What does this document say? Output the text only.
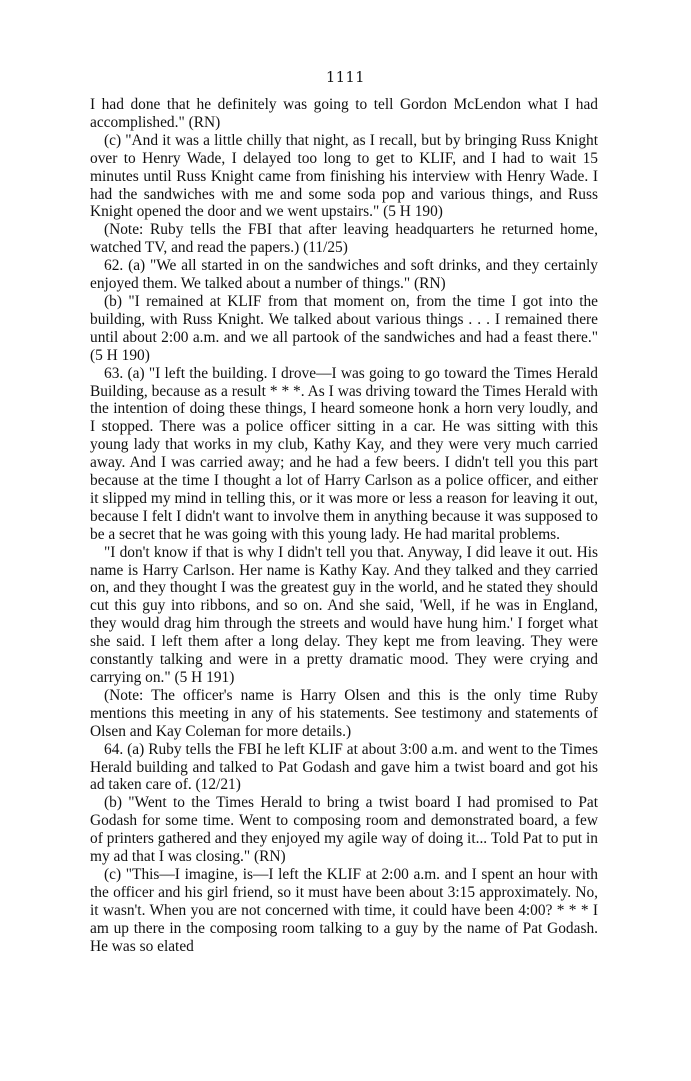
1111

I had done that he definitely was going to tell Gordon McLendon what I had accomplished." (RN)

(c) "And it was a little chilly that night, as I recall, but by bringing Russ Knight over to Henry Wade, I delayed too long to get to KLIF, and I had to wait 15 minutes until Russ Knight came from finishing his interview with Henry Wade. I had the sandwiches with me and some soda pop and various things, and Russ Knight opened the door and we went upstairs." (5 H 190)

(Note: Ruby tells the FBI that after leaving headquarters he returned home, watched TV, and read the papers.) (11/25)

62. (a) "We all started in on the sandwiches and soft drinks, and they certainly enjoyed them. We talked about a number of things." (RN)

(b) "I remained at KLIF from that moment on, from the time I got into the building, with Russ Knight. We talked about various things . . . I remained there until about 2:00 a.m. and we all partook of the sandwiches and had a feast there." (5 H 190)

63. (a) "I left the building. I drove—I was going to go toward the Times Herald Building, because as a result * * *. As I was driving toward the Times Herald with the intention of doing these things, I heard someone honk a horn very loudly, and I stopped. There was a police officer sitting in a car. He was sitting with this young lady that works in my club, Kathy Kay, and they were very much carried away. And I was carried away; and he had a few beers. I didn't tell you this part because at the time I thought a lot of Harry Carlson as a police officer, and either it slipped my mind in telling this, or it was more or less a reason for leaving it out, because I felt I didn't want to involve them in anything because it was supposed to be a secret that he was going with this young lady. He had marital problems.

"I don't know if that is why I didn't tell you that. Anyway, I did leave it out. His name is Harry Carlson. Her name is Kathy Kay. And they talked and they carried on, and they thought I was the greatest guy in the world, and he stated they should cut this guy into ribbons, and so on. And she said, 'Well, if he was in England, they would drag him through the streets and would have hung him.' I forget what she said. I left them after a long delay. They kept me from leaving. They were constantly talking and were in a pretty dramatic mood. They were crying and carrying on." (5 H 191)

(Note: The officer's name is Harry Olsen and this is the only time Ruby mentions this meeting in any of his statements. See testimony and statements of Olsen and Kay Coleman for more details.)

64. (a) Ruby tells the FBI he left KLIF at about 3:00 a.m. and went to the Times Herald building and talked to Pat Godash and gave him a twist board and got his ad taken care of. (12/21)

(b) "Went to the Times Herald to bring a twist board I had promised to Pat Godash for some time. Went to composing room and demonstrated board, a few of printers gathered and they enjoyed my agile way of doing it... Told Pat to put in my ad that I was closing." (RN)

(c) "This—I imagine, is—I left the KLIF at 2:00 a.m. and I spent an hour with the officer and his girl friend, so it must have been about 3:15 approximately. No, it wasn't. When you are not concerned with time, it could have been 4:00? * * * I am up there in the composing room talking to a guy by the name of Pat Godash. He was so elated
